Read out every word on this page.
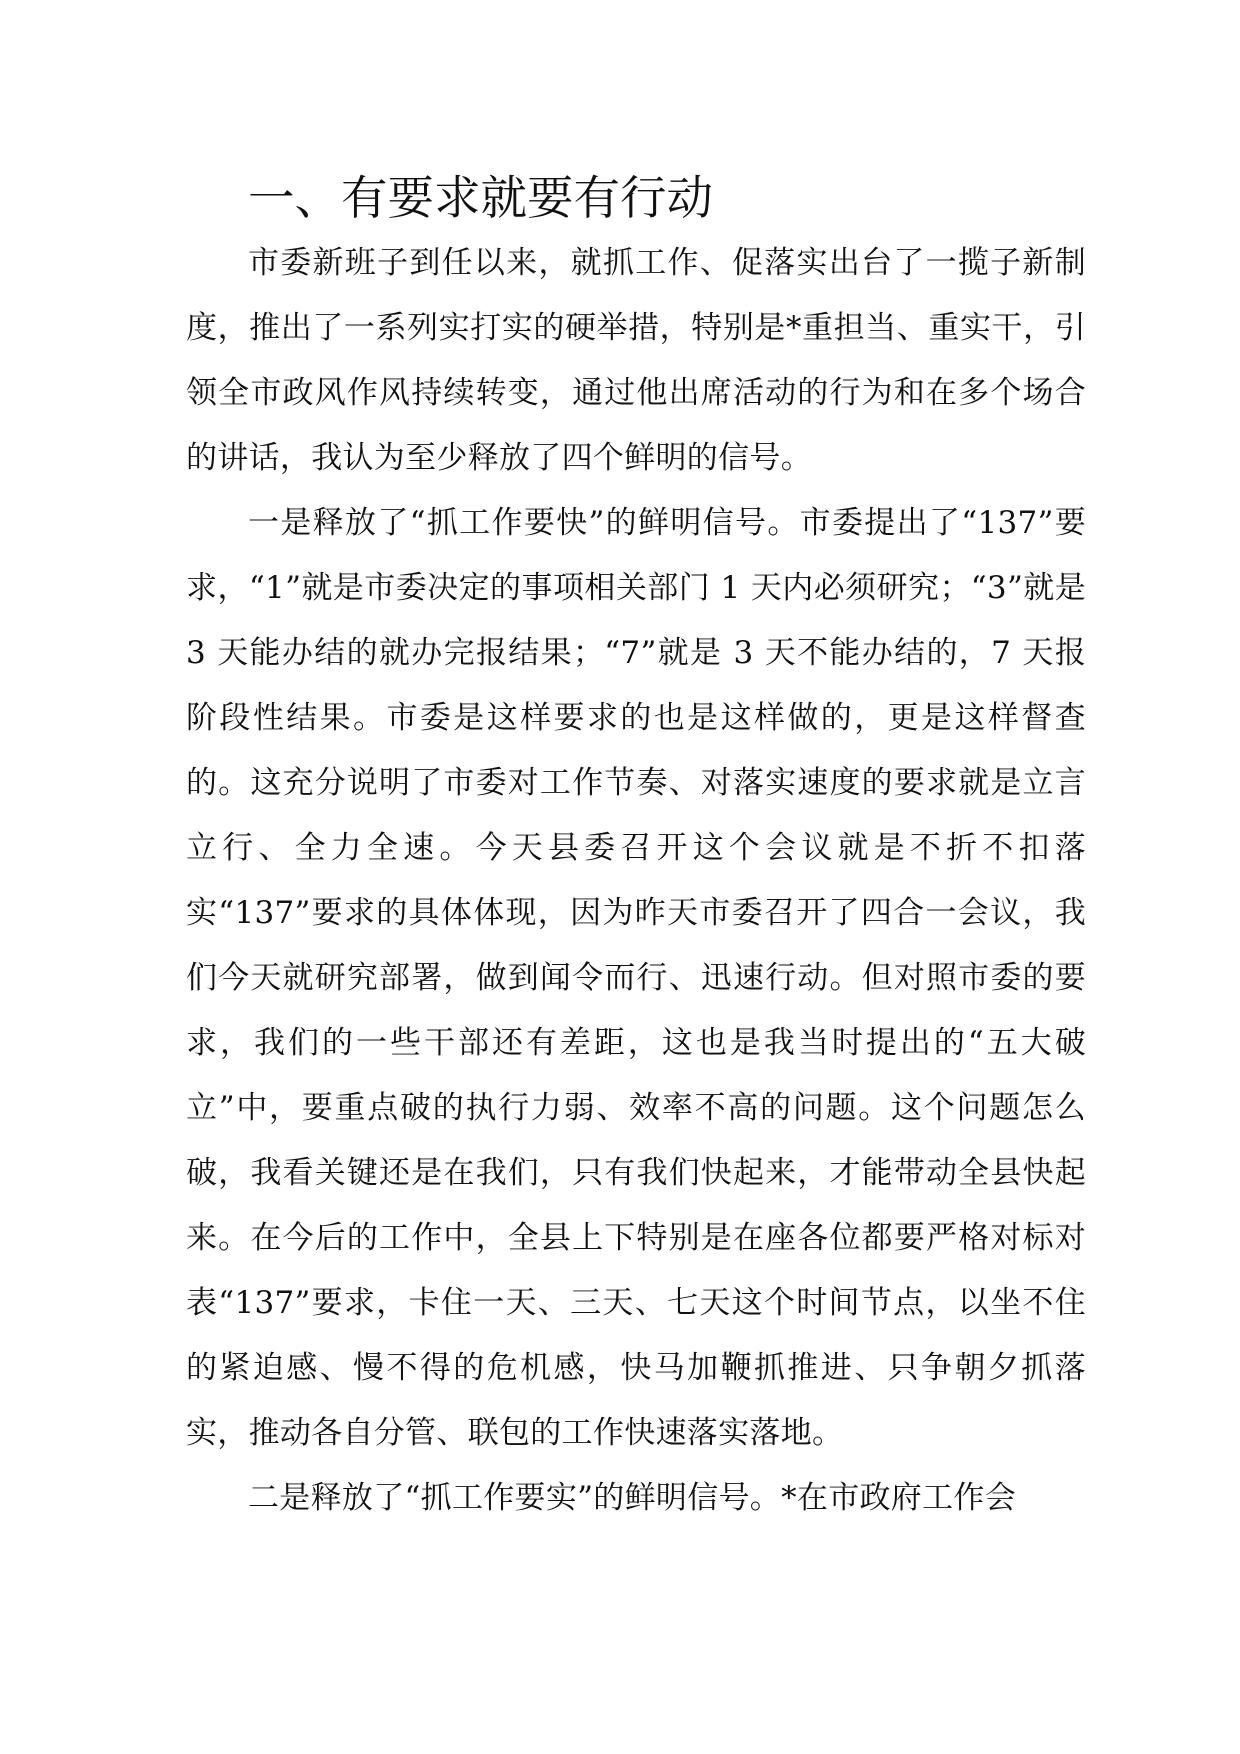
一、有要求就要有行动

市委新班子到任以来，就抓工作、促落实出台了一揽子新制度，推出了一系列实打实的硬举措，特别是*重担当、重实干，引领全市政风作风持续转变，通过他出席活动的行为和在多个场合的讲话，我认为至少释放了四个鲜明的信号。

一是释放了“抓工作要快”的鲜明信号。市委提出了“137”要求，“1”就是市委决定的事项相关部门 1 天内必须研究；“3”就是 3 天能办结的就办完报结果；“7”就是 3 天不能办结的，7 天报阶段性结果。市委是这样要求的也是这样做的，更是这样督查的。这充分说明了市委对工作节奏、对落实速度的要求就是立言立行、全力全速。今天县委召开这个会议就是不折不扣落实“137”要求的具体体现，因为昨天市委召开了四合一会议，我们今天就研究部署，做到闻令而行、迅速行动。但对照市委的要求，我们的一些干部还有差距，这也是我当时提出的“五大破立”中，要重点破的执行力弱、效率不高的问题。这个问题怎么破，我看关键还是在我们，只有我们快起来，才能带动全县快起来。在今后的工作中，全县上下特别是在座各位都要严格对标对表“137”要求，卡住一天、三天、七天这个时间节点，以坐不住的紧迫感、慢不得的危机感，快马加鞭抓推进、只争朝夕抓落实，推动各自分管、联包的工作快速落实落地。

二是释放了“抓工作要实”的鲜明信号。*在市政府工作会
